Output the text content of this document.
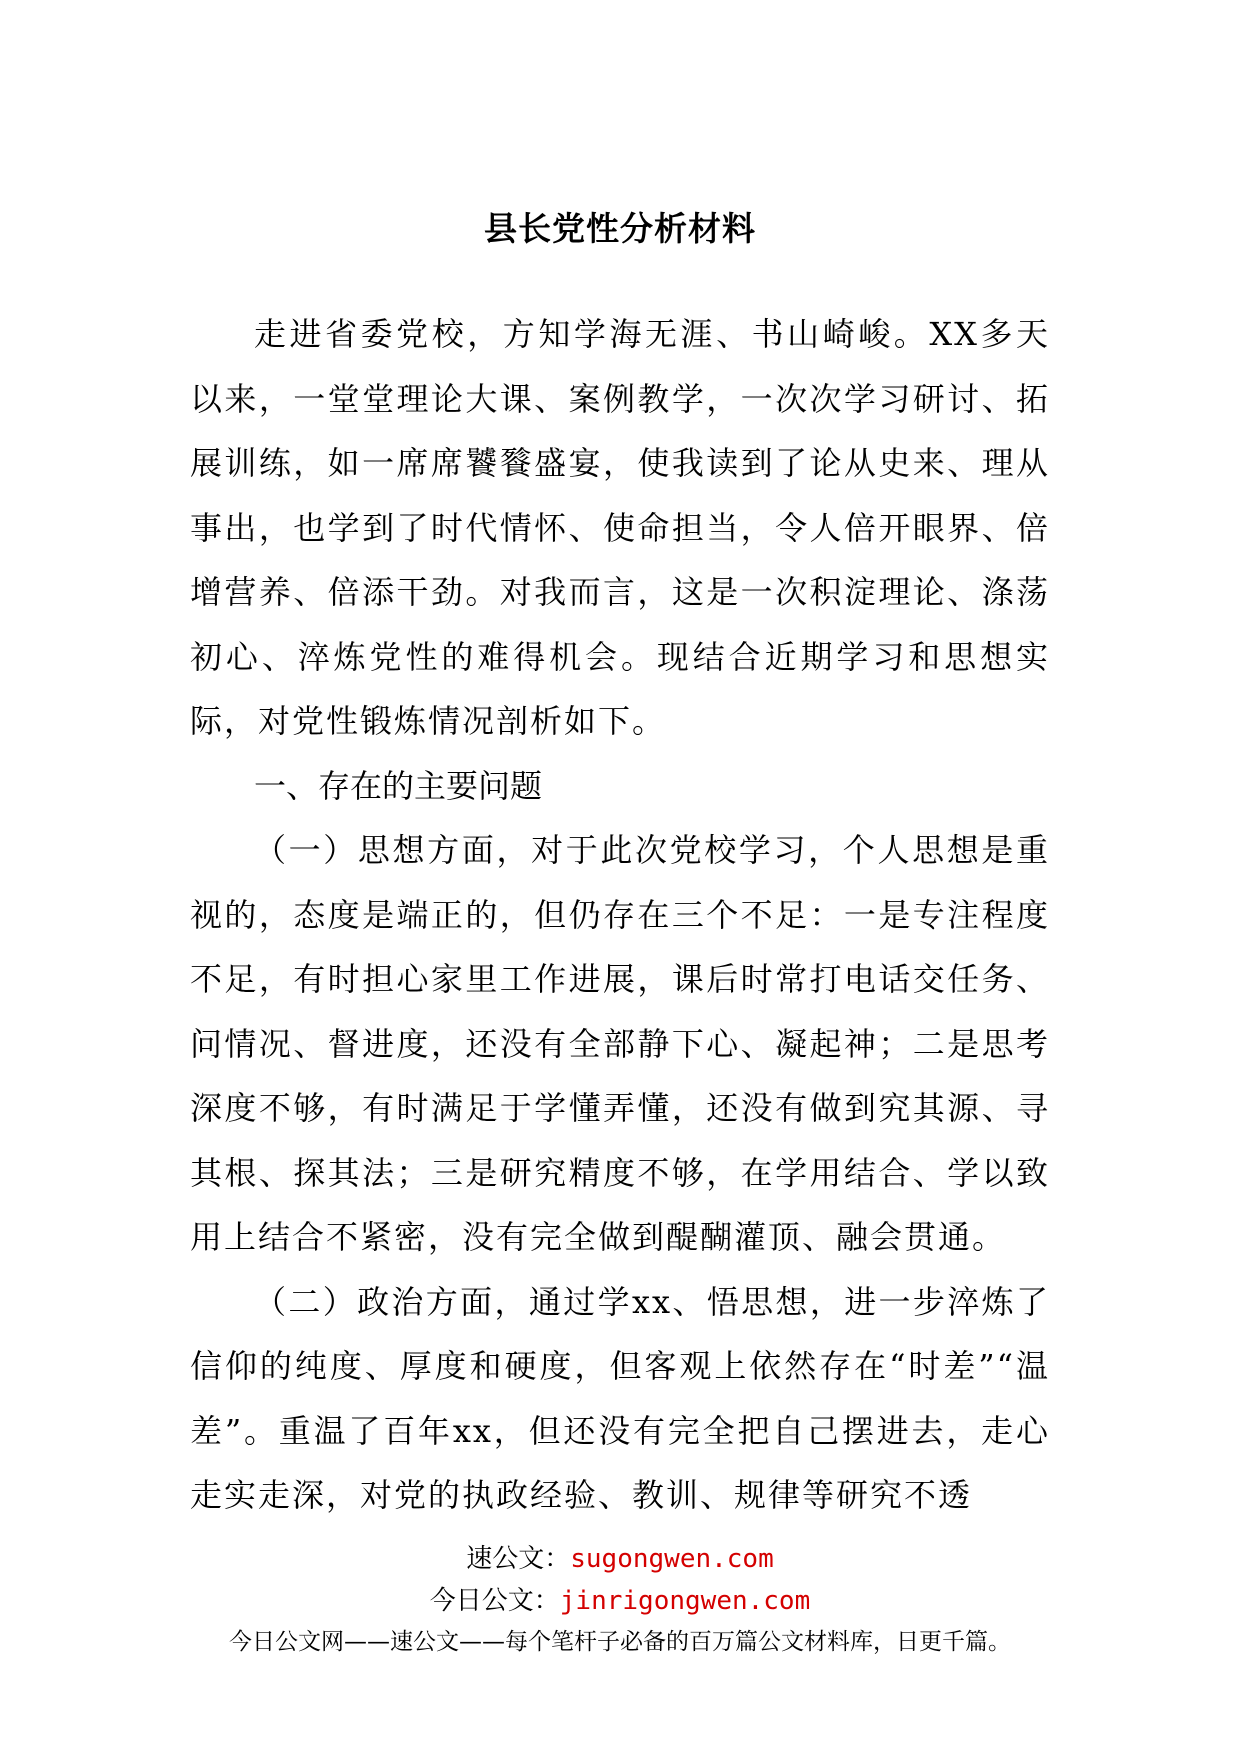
县长党性分析材料

走进省委党校，方知学海无涯、书山崎峻。XX多天以来，一堂堂理论大课、案例教学，一次次学习研讨、拓展训练，如一席席饕餮盛宴，使我读到了论从史来、理从事出，也学到了时代情怀、使命担当，令人倍开眼界、倍增营养、倍添干劲。对我而言，这是一次积淀理论、涤荡初心、淬炼党性的难得机会。现结合近期学习和思想实际，对党性锻炼情况剖析如下。

一、存在的主要问题

（一）思想方面，对于此次党校学习，个人思想是重视的，态度是端正的，但仍存在三个不足：一是专注程度不足，有时担心家里工作进展，课后时常打电话交任务、问情况、督进度，还没有全部静下心、凝起神；二是思考深度不够，有时满足于学懂弄懂，还没有做到究其源、寻其根、探其法；三是研究精度不够，在学用结合、学以致用上结合不紧密，没有完全做到醍醐灌顶、融会贯通。

（二）政治方面，通过学xx、悟思想，进一步淬炼了信仰的纯度、厚度和硬度，但客观上依然存在“时差”“温差”。重温了百年xx，但还没有完全把自己摆进去，走心走实走深，对党的执政经验、教训、规律等研究不透

速公文：sugongwen.com
今日公文：jinrigongwen.com
今日公文网——速公文——每个笔杆子必备的百万篇公文材料库，日更千篇。
